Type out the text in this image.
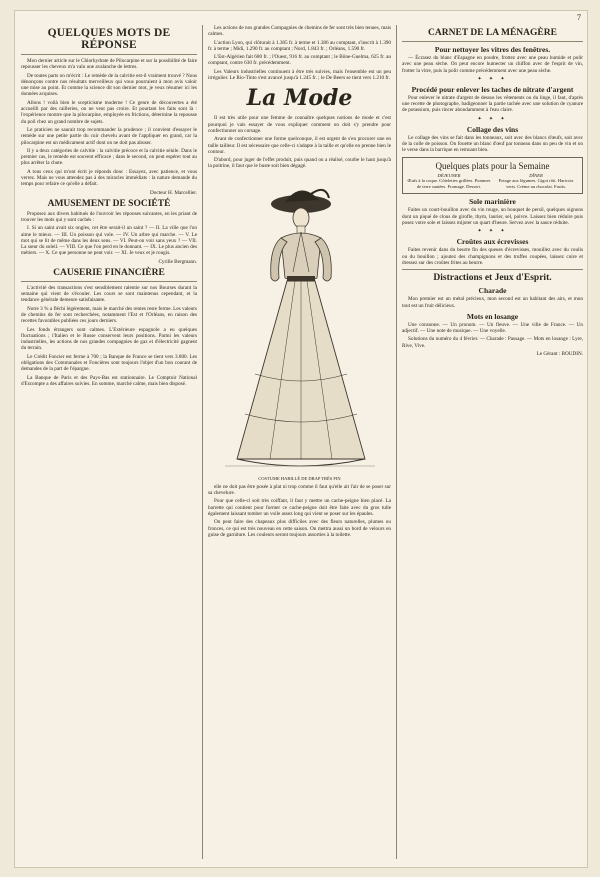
7
QUELQUES MOTS DE RÉPONSE

Mon dernier article sur le Chlorhydrate de Pilocarpine et sur la possibilité de faire repousser les cheveux m'a valu une avalanche de lettres.

De toutes parts on m'écrit : Le remède de la calvitie est-il vraiment trouvé ? Nous dénonçons contre nos résultats merveilleux qui vous pourraient à mon avis valoir une mise au point. Et comme la science dit son dernier mot, je veux résumer ici les données acquises.

Allons ! voilà bien le scepticisme moderne ! Ce genre de découvertes a été accueilli par des railleries, on ne veut pas croire. Et pourtant les faits sont là : l'expérience montre que la pilocarpine, employée en frictions, détermine la repousse du poil chez un grand nombre de sujets.

Le praticien ne saurait trop recommander la prudence ; il convient d'essayer le remède sur une petite partie du cuir chevelu avant de l'appliquer en grand, car la pilocarpine est un médicament actif dont on ne doit pas abuser.

Il y a deux catégories de calvitie : la calvitie précoce et la calvitie sénile. Dans le premier cas, le remède est souvent efficace ; dans le second, on peut espérer tout au plus arrêter la chute.

A tous ceux qui m'ont écrit je réponds donc : Essayez, avec patience, et vous verrez. Mais ne vous attendez pas à des miracles immédiats : la nature demande du temps pour refaire ce qu'elle a défait.

Docteur H. Marcellier.
AMUSEMENT DE SOCIÉTÉ

Proposez aux divers habitués de l'ouvroir les réponses suivantes, en les priant de trouver les mots qui y sont cachés :

I. Si un saint avait six ongles, cet être serait-il un saint ? — II. La ville que l'on aime le mieux. — III. Un poisson qui vole. — IV. Un arbre qui marche. — V. Le mot qui se lit de même dans les deux sens. — VI. Peut-on voir sans yeux ? — VII. La sœur du soleil. — VIII. Ce que l'on perd en le donnant. — IX. Le plus ancien des métiers. — X. Ce que personne ne peut voir. — XI. Je veux et je rougis.

Cyrille Bergmann.
CAUSERIE FINANCIÈRE

L'activité des transactions s'est sensiblement ralentie sur nos Bourses durant la semaine qui vient de s'écouler. Les cours se sont maintenus cependant, et la tendance générale demeure satisfaisante.

Notre 3 % a fléchi légèrement, mais le marché des rentes reste ferme. Les valeurs de chemins de fer sont recherchées, notamment l'Est et l'Orléans, en raison des recettes favorables publiées ces jours derniers.

Les fonds étrangers sont calmes. L'Extérieure espagnole a eu quelques fluctuations ; l'Italien et le Russe conservent leurs positions. Parmi les valeurs industrielles, les actions de nos grandes compagnies de gaz et d'électricité gagnent du terrain.

Le Crédit Foncier est ferme à 700 ; la Banque de France se tient vers 3.800. Les obligations des Communales et Foncières sont toujours l'objet d'un bon courant de demandes de la part de l'épargne.

La Banque de Paris et des Pays-Bas est stationnaire. Le Comptoir National d'Escompte a des affaires suivies. En somme, marché calme, mais bien disposé.

Les actions de nos grandes Compagnies de chemins de fer sont très bien tenues, mais calmes.

L'action Lyon, qui clôturait à 1.385 fr. à terme et 1.386 au comptant, s'inscrit à 1.390 fr. à terme ; Midi, 1.290 fr. au comptant ; Nord, 1.843 fr. ; Orléans, 1.590 fr.

L'Est-Algérien fait 680 fr. ; l'Ouest, 916 fr. au comptant ; le Bône-Guelma, 625 fr. au comptant, contre 630 fr. précédemment.

Les Valeurs industrielles continuent à être très suivies, mais l'ensemble est un peu irrégulier. Le Rio-Tinto s'est avancé jusqu'à 1.245 fr. ; le De Beers se tient vers 1.210 fr.

La Mode

Il est très utile pour une femme de connaître quelques notions de mode et c'est pourquoi je vais essayer de vous expliquer comment on doit s'y prendre pour confectionner un corsage.

Avant de confectionner une forme quelconque, il est urgent de s'en procurer une en taille tailleur. Il est nécessaire que celle-ci s'adapte à la taille et qu'elle en prenne bien le contour.

D'abord, pour juger de l'effet produit, puis quand on a réalisé, courbe le haut jusqu'à la poitrine, il faut que le buste soit bien dégagé.

COSTUME HABILLÉ DE DRAP TRÈS FIN

elle ne doit pas être posée à plat ni trop comme il faut qu'elle ait l'air de se poser sur sa chevelure.

Pour que celle-ci soit très coiffant, il faut y mettre un cache-peigne bien placé. La barrette qui contient pour former ce cache-peigne doit être faite avec du gros tulle également laissant tomber un voile assez long qui vient se poser sur les épaules.

On peut faire des chapeaux plus difficiles avec des fleurs naturelles, plumes ou fronces, ce qui est très nouveau en cette saison. On mettra aussi un bord de velours en guise de garniture. Les couleurs seront toujours assorties à la toilette.

CARNET DE LA MÉNAGÈRE
Pour nettoyer les vitres des fenêtres.

— Écrasez du blanc d'Espagne en poudre, frottez avec une peau humide et polir avec une peau sèche. On peut encore humecter un chiffon avec de l'esprit de vin, frotter la vitre, puis la polir comme précédemment avec une peau sèche.

✦ ✦ ✦
Procédé pour enlever les taches de nitrate d'argent

Pour enlever le nitrate d'argent de dessus les vêtements ou du linge, il faut, d'après une recette de photographe, badigeonner la partie tachée avec une solution de cyanure de potassium, puis rincer abondamment à l'eau claire.

✦ ✦ ✦
Collage des vins

Le collage des vins se fait dans les tonneaux, soit avec des blancs d'œufs, soit avec de la colle de poisson. On fouette un blanc d'œuf par tonneau dans un peu de vin et on le verse dans la barrique en remuant bien.

Quelques plats pour la Semaine
DÉJEUNER
Œufs à la coque. Côtelettes grillées. Pommes de terre sautées. Fromage. Dessert.
DÎNER
Potage aux légumes. Gigot rôti. Haricots verts. Crème au chocolat. Fruits.
Sole marinière

Faites un court-bouillon avec du vin rouge, un bouquet de persil, quelques oignons dont un piqué de clous de girofle, thym, laurier, sel, poivre. Laissez bien réduire puis posez votre sole et laissez mijoter un quart d'heure. Servez avec la sauce réduite.

✦ ✦ ✦
Croûtes aux écrevisses

Faites revenir dans du beurre fin des queues d'écrevisses, mouillez avec du coulis ou du bouillon ; ajoutez des champignons et des truffes coupées, laissez cuire et dressez sur des croûtes frites au beurre.

Distractions et Jeux d'Esprit.
Charade

Mon premier est un métal précieux, mon second est un habitant des airs, et mon tout est un fruit délicieux.

Mots en losange

Une consonne. — Un pronom. — Un fleuve. — Une ville de France. — Un adjectif. — Une note de musique. — Une voyelle.

Solutions du numéro du 4 février. — Charade : Passage. — Mots en losange : Lyre, Rive, Vive.

Le Gérant : BOUDIN.
